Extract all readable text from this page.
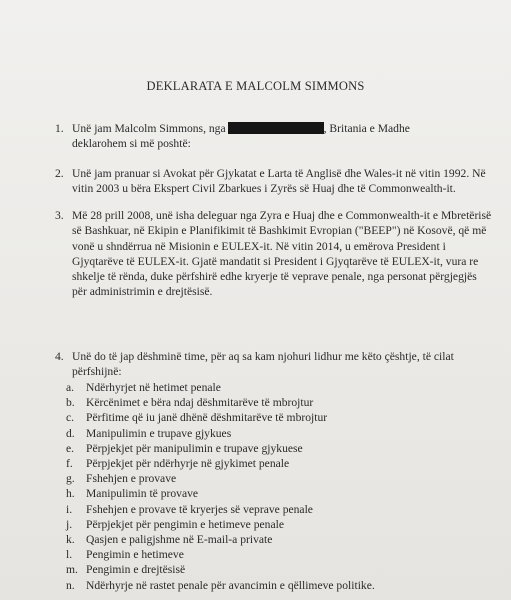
DEKLARATA E MALCOLM SIMMONS
1. Unë jam Malcolm Simmons, nga	, Britania e Madhe
deklarohem si më poshtë:
2. Unë jam pranuar si Avokat për Gjykatat e Larta të Anglisë dhe Wales-it në vitin 1992. Në
vitin 2003 u bëra Ekspert Civil Zbarkues i Zyrës së Huaj dhe të Commonwealth-it.
3. Më 28 prill 2008, unë isha deleguar nga Zyra e Huaj dhe e Commonwealth-it e Mbretërisë
së Bashkuar, në Ekipin e Planifikimit të Bashkimit Evropian ("BEEP") në Kosovë, që më
vonë u shndërrua në Misionin e EULEX-it. Në vitin 2014, u emërova President i
Gjyqtarëve të EULEX-it. Gjatë mandatit si President i Gjyqtarëve të EULEX-it, vura re
shkelje të rënda, duke përfshirë edhe kryerje të veprave penale, nga personat përgjegjës
për administrimin e drejtësisë.
4. Unë do të jap dëshminë time, për aq sa kam njohuri lidhur me këto çështje, të cilat
përfshijnë:
a. Ndërhyrjet në hetimet penale
b. Kërcënimet e bëra ndaj dëshmitarëve të mbrojtur
c. Përfitime që iu janë dhënë dëshmitarëve të mbrojtur
d. Manipulimin e trupave gjykues
e. Përpjekjet për manipulimin e trupave gjykuese
f. Përpjekjet për ndërhyrje në gjykimet penale
g. Fshehjen e provave
h. Manipulimin të provave
i. Fshehjen e provave të kryerjes së veprave penale
j. Përpjekjet për pengimin e hetimeve penale
k. Qasjen e paligjshme në E-mail-a private
l. Pengimin e hetimeve
m. Pengimin e drejtësisë
n. Ndërhyrje në rastet penale për avancimin e qëllimeve politike.
